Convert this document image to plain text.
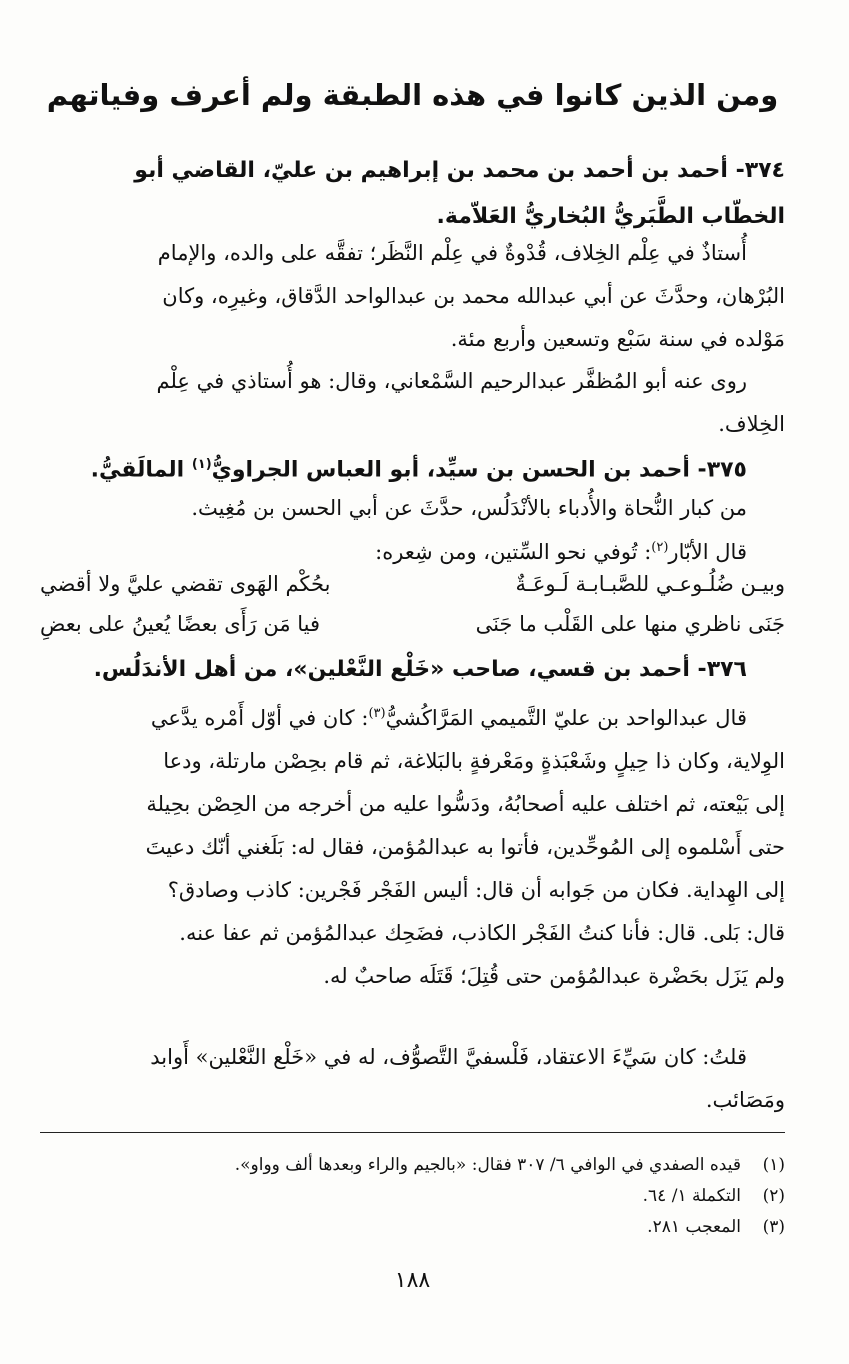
ومن الذين كانوا في هذه الطبقة ولم أعرف وفياتهم
٣٧٤- أحمد بن أحمد بن محمد بن إبراهيم بن عليّ، القاضي أبو
الخطّاب الطَّبَريُّ البُخاريُّ العَلاّمة.
أُستاذٌ في عِلْم الخِلاف، قُدْوةٌ في عِلْم النَّظَر؛ تفقَّه على والده، والإمام
البُرْهان، وحدَّثَ عن أبي عبدالله محمد بن عبدالواحد الدَّقاق، وغيرِه، وكان
مَوْلده في سنة سَبْع وتسعين وأربع مئة.
روى عنه أبو المُظفَّر عبدالرحيم السَّمْعاني، وقال: هو أُستاذي في عِلْم
الخِلاف.
٣٧٥- أحمد بن الحسن بن سيِّد، أبو العباس الجراويُّ$^{(١)}$ المالَقيُّ.
من كبار النُّحاة والأُدباء بالأنْدَلُس، حدَّثَ عن أبي الحسن بن مُغِيث.
قال الأبّار$^{(٢)}$: تُوفي نحو السِّتين، ومن شِعره:
وبيـن ضُلُـوعـي للصَّبـابـة لَـوعَـةٌ
بحُكْم الهَوى تقضي عليَّ ولا أقضي
جَنَى ناظري منها على القَلْب ما جَنَى
فيا مَن رَأَى بعضًا يُعينُ على بعضِ
٣٧٦- أحمد بن قسي، صاحب «خَلْع النَّعْلين»، من أهل الأندَلُس.
قال عبدالواحد بن عليّ التَّميمي المَرَّاكُشيُّ$^{(٣)}$: كان في أوّل أَمْره يدَّعي
الوِلاية، وكان ذا حِيلٍ وشَعْبَذةٍ ومَعْرفةٍ بالبَلاغة، ثم قام بحِصْن مارتلة، ودعا
إلى بَيْعته، ثم اختلف عليه أصحابُهُ، ودَسُّوا عليه من أخرجه من الحِصْن بحِيلة
حتى أَسْلموه إلى المُوحِّدين، فأتوا به عبدالمُؤمن، فقال له: بَلَغني أنّك دعيتَ
إلى الهِداية. فكان من جَوابه أن قال: أليس الفَجْر فَجْرين: كاذب وصادق؟
قال: بَلى. قال: فأنا كنتُ الفَجْر الكاذب، فضَحِك عبدالمُؤمن ثم عفا عنه.
ولم يَزَل بحَضْرة عبدالمُؤمن حتى قُتِلَ؛ قَتَلَه صاحبٌ له.
قلتُ: كان سَيِّءَ الاعتقاد، فَلْسفيَّ التَّصوُّف، له في «خَلْع النَّعْلين» أَوابد
ومَصَائب.
(١)قيده الصفدي في الوافي ٦/ ٣٠٧ فقال: «بالجيم والراء وبعدها ألف وواو».
(٢)التكملة ١/ ٦٤.
(٣)المعجب ٢٨١.
١٨٨
